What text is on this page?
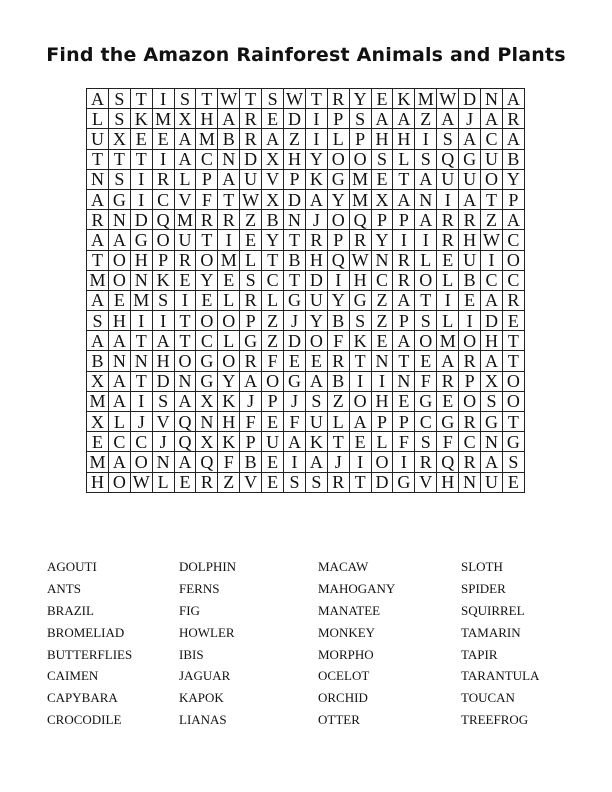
Find the Amazon Rainforest Animals and Plants
A	S	T	I	S	T	W	T	S	W	T	R	Y	E	K	M	W	D	N	A
L	S	K	M	X	H	A	R	E	D	I	P	S	A	A	Z	A	J	A	R
U	X	E	E	A	M	B	R	A	Z	I	L	P	H	H	I	S	A	C	A
T	T	T	I	A	C	N	D	X	H	Y	O	O	S	L	S	Q	G	U	B
N	S	I	R	L	P	A	U	V	P	K	G	M	E	T	A	U	U	O	Y
A	G	I	C	V	F	T	W	X	D	A	Y	M	X	A	N	I	A	T	P
R	N	D	Q	M	R	R	Z	B	N	J	O	Q	P	P	A	R	R	Z	A
A	A	G	O	U	T	I	E	Y	T	R	P	R	Y	I	I	R	H	W	C
T	O	H	P	R	O	M	L	T	B	H	Q	W	N	R	L	E	U	I	O
M	O	N	K	E	Y	E	S	C	T	D	I	H	C	R	O	L	B	C	C
A	E	M	S	I	E	L	R	L	G	U	Y	G	Z	A	T	I	E	A	R
S	H	I	I	T	O	O	P	Z	J	Y	B	S	Z	P	S	L	I	D	E
A	A	T	A	T	C	L	G	Z	D	O	F	K	E	A	O	M	O	H	T
B	N	N	H	O	G	O	R	F	E	E	R	T	N	T	E	A	R	A	T
X	A	T	D	N	G	Y	A	O	G	A	B	I	I	N	F	R	P	X	O
M	A	I	S	A	X	K	J	P	J	S	Z	O	H	E	G	E	O	S	O
X	L	J	V	Q	N	H	F	E	F	U	L	A	P	P	C	G	R	G	T
E	C	C	J	Q	X	K	P	U	A	K	T	E	L	F	S	F	C	N	G
M	A	O	N	A	Q	F	B	E	I	A	J	I	O	I	R	Q	R	A	S
H	O	W	L	E	R	Z	V	E	S	S	R	T	D	G	V	H	N	U	E
AGOUTI
ANTS
BRAZIL
BROMELIAD
BUTTERFLIES
CAIMEN
CAPYBARA
CROCODILE
DOLPHIN
FERNS
FIG
HOWLER
IBIS
JAGUAR
KAPOK
LIANAS
MACAW
MAHOGANY
MANATEE
MONKEY
MORPHO
OCELOT
ORCHID
OTTER
SLOTH
SPIDER
SQUIRREL
TAMARIN
TAPIR
TARANTULA
TOUCAN
TREEFROG
